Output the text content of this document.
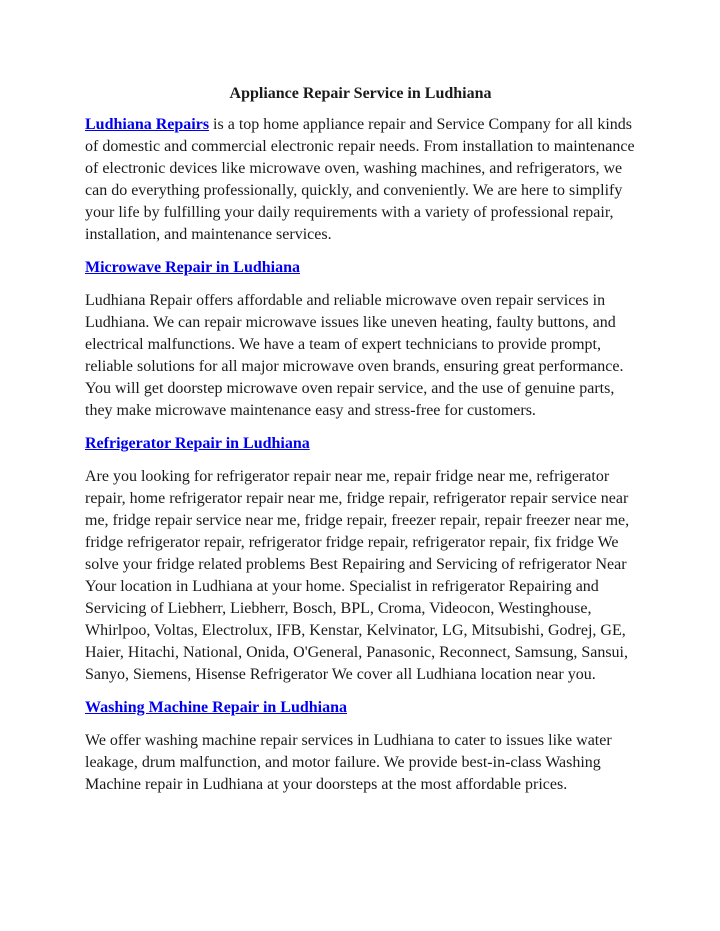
Appliance Repair Service in Ludhiana

Ludhiana Repairs is a top home appliance repair and Service Company for all kinds of domestic and commercial electronic repair needs. From installation to maintenance of electronic devices like microwave oven, washing machines, and refrigerators, we can do everything professionally, quickly, and conveniently. We are here to simplify your life by fulfilling your daily requirements with a variety of professional repair, installation, and maintenance services.

Microwave Repair in Ludhiana

Ludhiana Repair offers affordable and reliable microwave oven repair services in Ludhiana. We can repair microwave issues like uneven heating, faulty buttons, and electrical malfunctions. We have a team of expert technicians to provide prompt, reliable solutions for all major microwave oven brands, ensuring great performance. You will get doorstep microwave oven repair service, and the use of genuine parts, they make microwave maintenance easy and stress-free for customers.

Refrigerator Repair in Ludhiana

Are you looking for refrigerator repair near me, repair fridge near me, refrigerator repair, home refrigerator repair near me, fridge repair, refrigerator repair service near me, fridge repair service near me, fridge repair, freezer repair, repair freezer near me, fridge refrigerator repair, refrigerator fridge repair, refrigerator repair, fix fridge We solve your fridge related problems Best Repairing and Servicing of refrigerator Near Your location in Ludhiana at your home. Specialist in refrigerator Repairing and Servicing of Liebherr, Liebherr, Bosch, BPL, Croma, Videocon, Westinghouse, Whirlpoo, Voltas, Electrolux, IFB, Kenstar, Kelvinator, LG, Mitsubishi, Godrej, GE, Haier, Hitachi, National, Onida, O'General, Panasonic, Reconnect, Samsung, Sansui, Sanyo, Siemens, Hisense Refrigerator We cover all Ludhiana location near you.

Washing Machine Repair in Ludhiana

We offer washing machine repair services in Ludhiana to cater to issues like water leakage, drum malfunction, and motor failure. We provide best-in-class Washing Machine repair in Ludhiana at your doorsteps at the most affordable prices.
